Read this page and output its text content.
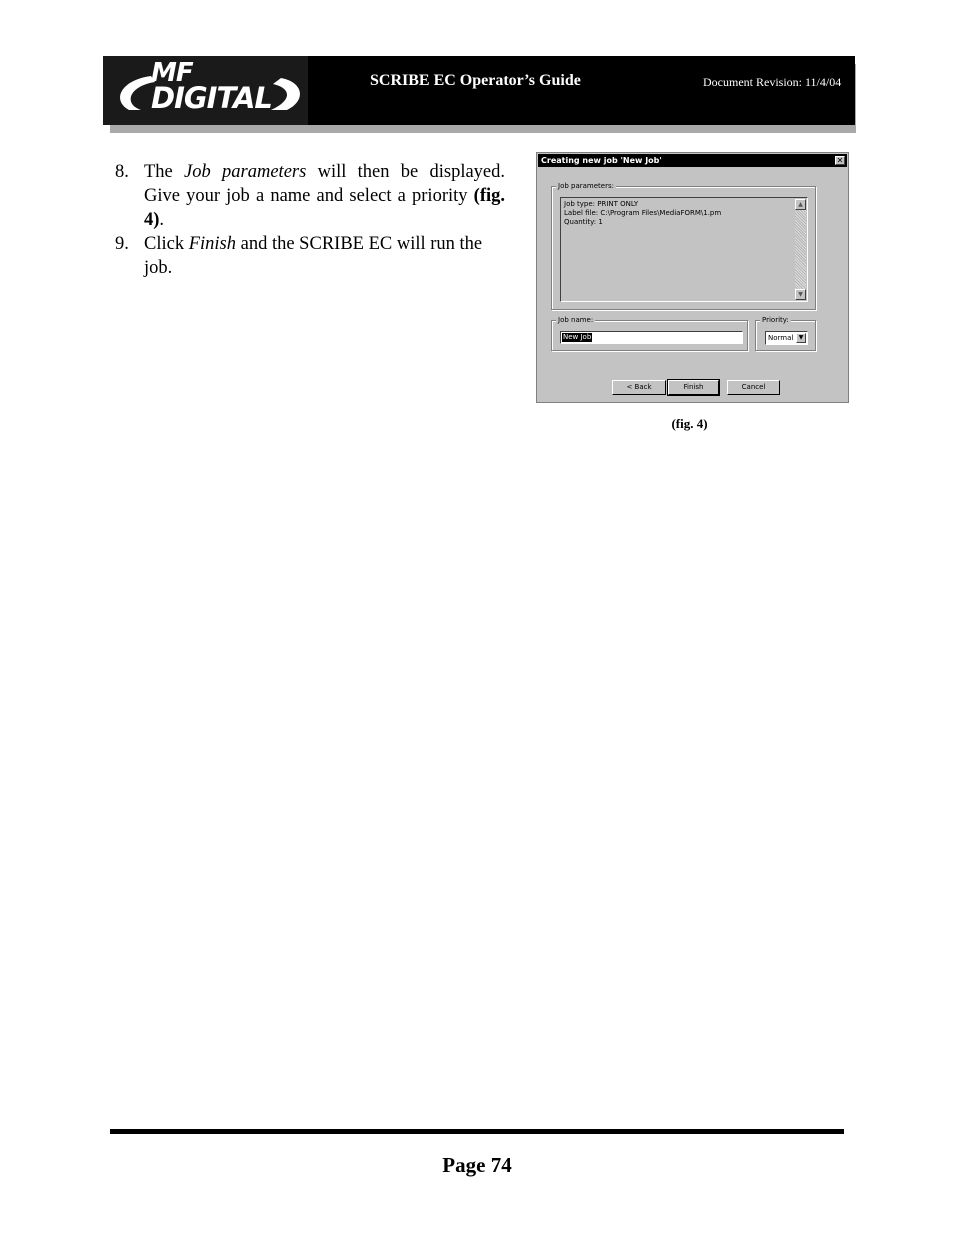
MF
DIGITAL
SCRIBE EC Operator’s Guide	Document Revision: 11/4/04
8. The Job parameters will then be displayed. Give your job a name and select a priority (fig. 4).
9. Click Finish and the SCRIBE EC will run the job.
Creating new job 'New Job'	✕
Job parameters:
Job type: PRINT ONLY
Label file: C:\Program Files\MediaFORM\1.pm
Quantity: 1
▲
▼
Job name:
New Job
Priority:
Normal ▼
< Back	Finish	Cancel
(fig. 4)
Page 74
